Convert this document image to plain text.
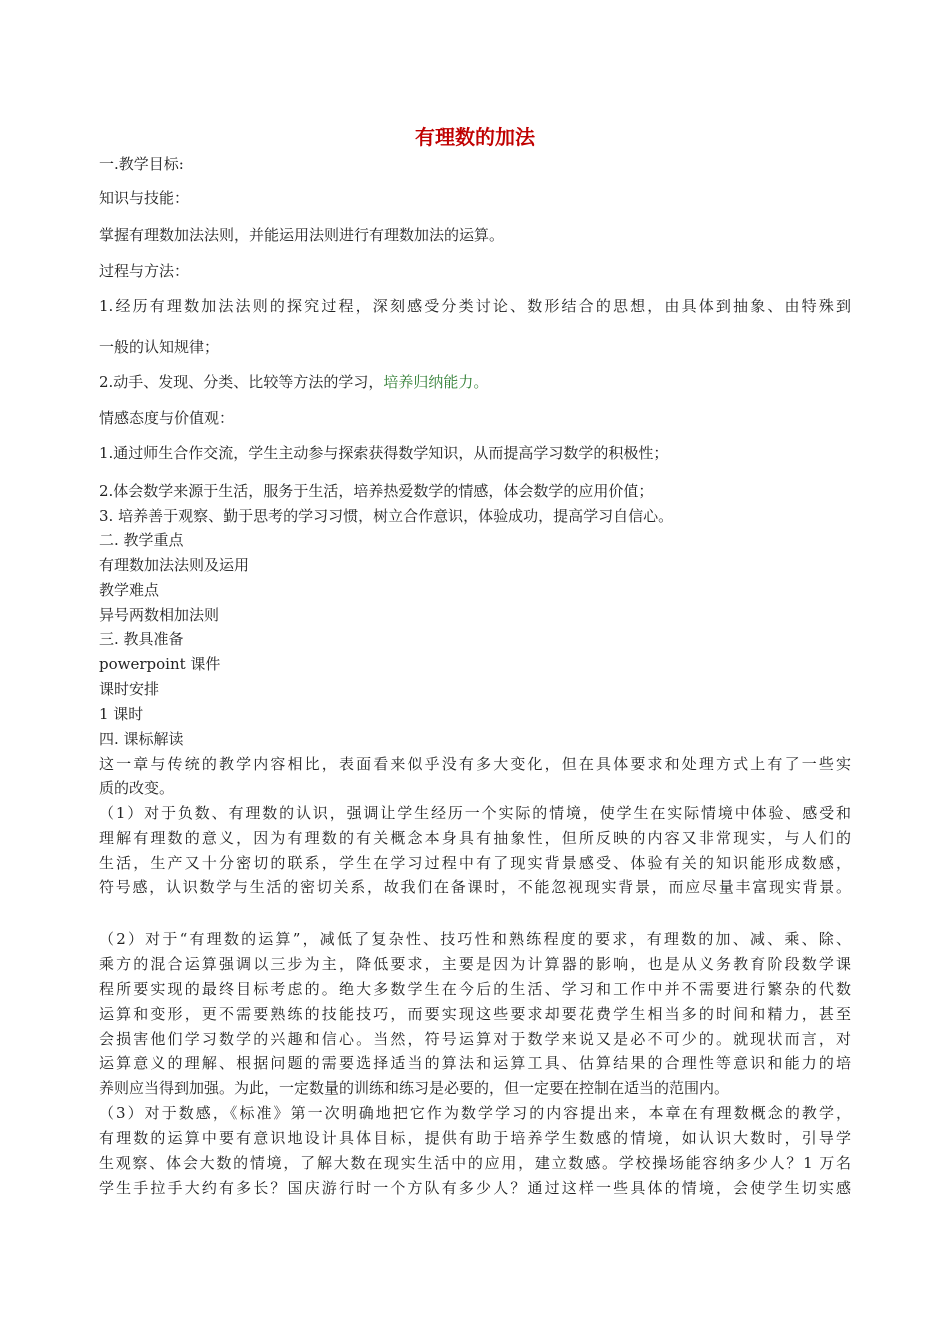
有理数的加法

一.教学目标:

知识与技能：

掌握有理数加法法则，并能运用法则进行有理数加法的运算。

过程与方法：

1.经历有理数加法法则的探究过程，深刻感受分类讨论、数形结合的思想，由具体到抽象、由特殊到

一般的认知规律；

2.动手、发现、分类、比较等方法的学习，培养归纳能力。

情感态度与价值观：

1.通过师生合作交流，学生主动参与探索获得数学知识，从而提高学习数学的积极性；

2.体会数学来源于生活，服务于生活，培养热爱数学的情感，体会数学的应用价值；

3. 培养善于观察、勤于思考的学习习惯，树立合作意识，体验成功，提高学习自信心。

二. 教学重点

有理数加法法则及运用

教学难点

异号两数相加法则

三. 教具准备

powerpoint 课件

课时安排

1 课时

四. 课标解读

这一章与传统的教学内容相比，表面看来似乎没有多大变化，但在具体要求和处理方式上有了一些实

质的改变。

（1）对于负数、有理数的认识，强调让学生经历一个实际的情境，使学生在实际情境中体验、感受和

理解有理数的意义，因为有理数的有关概念本身具有抽象性，但所反映的内容又非常现实，与人们的

生活，生产又十分密切的联系，学生在学习过程中有了现实背景感受、体验有关的知识能形成数感，

符号感，认识数学与生活的密切关系，故我们在备课时，不能忽视现实背景，而应尽量丰富现实背景。

（2）对于“有理数的运算”，减低了复杂性、技巧性和熟练程度的要求，有理数的加、减、乘、除、

乘方的混合运算强调以三步为主，降低要求，主要是因为计算器的影响，也是从义务教育阶段数学课

程所要实现的最终目标考虑的。绝大多数学生在今后的生活、学习和工作中并不需要进行繁杂的代数

运算和变形，更不需要熟练的技能技巧，而要实现这些要求却要花费学生相当多的时间和精力，甚至

会损害他们学习数学的兴趣和信心。当然，符号运算对于数学来说又是必不可少的。就现状而言，对

运算意义的理解、根据问题的需要选择适当的算法和运算工具、估算结果的合理性等意识和能力的培

养则应当得到加强。为此，一定数量的训练和练习是必要的，但一定要在控制在适当的范围内。

（3）对于数感，《标准》第一次明确地把它作为数学学习的内容提出来，本章在有理数概念的教学，

有理数的运算中要有意识地设计具体目标，提供有助于培养学生数感的情境，如认识大数时，引导学

生观察、体会大数的情境，了解大数在现实生活中的应用，建立数感。学校操场能容纳多少人？1 万名

学生手拉手大约有多长？国庆游行时一个方队有多少人？通过这样一些具体的情境，会使学生切实感
